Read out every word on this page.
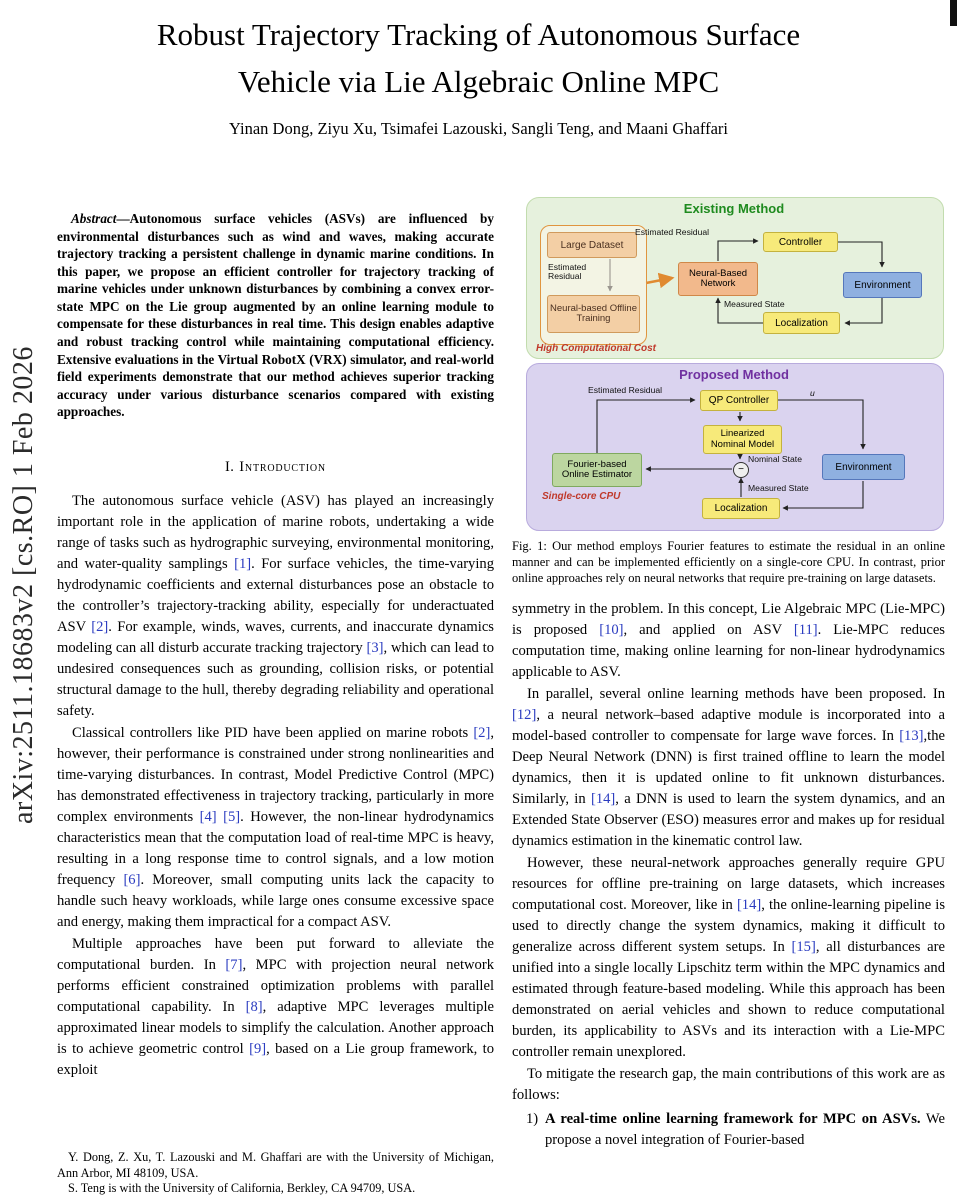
arXiv:2511.18683v2 [cs.RO] 1 Feb 2026
Robust Trajectory Tracking of Autonomous Surface
Vehicle via Lie Algebraic Online MPC
Yinan Dong, Ziyu Xu, Tsimafei Lazouski, Sangli Teng, and Maani Ghaffari

Abstract—Autonomous surface vehicles (ASVs) are influenced by environmental disturbances such as wind and waves, making accurate trajectory tracking a persistent challenge in dynamic marine conditions. In this paper, we propose an efficient controller for trajectory tracking of marine vehicles under unknown disturbances by combining a convex error-state MPC on the Lie group augmented by an online learning module to compensate for these disturbances in real time. This design enables adaptive and robust tracking control while maintaining computational efficiency. Extensive evaluations in the Virtual RobotX (VRX) simulator, and real-world field experiments demonstrate that our method achieves superior tracking accuracy under various disturbance scenarios compared with existing approaches.

I. Introduction

The autonomous surface vehicle (ASV) has played an increasingly important role in the application of marine robots, undertaking a wide range of tasks such as hydrographic surveying, environmental monitoring, and water-quality samplings [1]. For surface vehicles, the time-varying hydrodynamic coefficients and external disturbances pose an obstacle to the controller’s trajectory-tracking ability, especially for underactuated ASV [2]. For example, winds, waves, currents, and inaccurate dynamics modeling can all disturb accurate tracking trajectory [3], which can lead to undesired consequences such as grounding, collision risks, or potential structural damage to the hull, thereby degrading reliability and operational safety.

Classical controllers like PID have been applied on marine robots [2], however, their performance is constrained under strong nonlinearities and time-varying disturbances. In contrast, Model Predictive Control (MPC) has demonstrated effectiveness in trajectory tracking, particularly in more complex environments [4] [5]. However, the non-linear hydrodynamics characteristics mean that the computation load of real-time MPC is heavy, resulting in a long response time to control signals, and a low motion frequency [6]. Moreover, small computing units lack the capacity to handle such heavy workloads, while large ones consume excessive space and energy, making them impractical for a compact ASV.

Multiple approaches have been put forward to alleviate the computational burden. In [7], MPC with projection neural network performs efficient constrained optimization problems with parallel computational capability. In [8], adaptive MPC leverages multiple approximated linear models to simplify the calculation. Another approach is to achieve geometric control [9], based on a Lie group framework, to exploit

Y. Dong, Z. Xu, T. Lazouski and M. Ghaffari are with the University of Michigan, Ann Arbor, MI 48109, USA.

S. Teng is with the University of California, Berkley, CA 94709, USA.

Existing Method
Large Dataset
Estimated Residual
Neural-based Offline Training
High Computational Cost
Estimated Residual
Controller
Neural-Based Network	Environment
Measured State
Localization
Proposed Method
Estimated Residual
QP Controller
u
Linearized Nominal Model
Nominal State
−
Fourier-based Online Estimator
Environment
Measured State
Localization
Single-core CPU

Fig. 1: Our method employs Fourier features to estimate the residual in an online manner and can be implemented efficiently on a single-core CPU. In contrast, prior online approaches rely on neural networks that require pre-training on large datasets.

symmetry in the problem. In this concept, Lie Algebraic MPC (Lie-MPC) is proposed [10], and applied on ASV [11]. Lie-MPC reduces computation time, making online learning for non-linear hydrodynamics applicable to ASV.

In parallel, several online learning methods have been proposed. In [12], a neural network–based adaptive module is incorporated into a model-based controller to compensate for large wave forces. In [13],the Deep Neural Network (DNN) is first trained offline to learn the model dynamics, then it is updated online to fit unknown disturbances. Similarly, in [14], a DNN is used to learn the system dynamics, and an Extended State Observer (ESO) measures error and makes up for residual dynamics estimation in the kinematic control law.

However, these neural-network approaches generally require GPU resources for offline pre-training on large datasets, which increases computational cost. Moreover, like in [14], the online-learning pipeline is used to directly change the system dynamics, making it difficult to generalize across different system setups. In [15], all disturbances are unified into a single locally Lipschitz term within the MPC dynamics and estimated through feature-based modeling. While this approach has been demonstrated on aerial vehicles and shown to reduce computational burden, its applicability to ASVs and its interaction with a Lie-MPC controller remain unexplored.

To mitigate the research gap, the main contributions of this work are as follows:

1) A real-time online learning framework for MPC on ASVs. We propose a novel integration of Fourier-based
